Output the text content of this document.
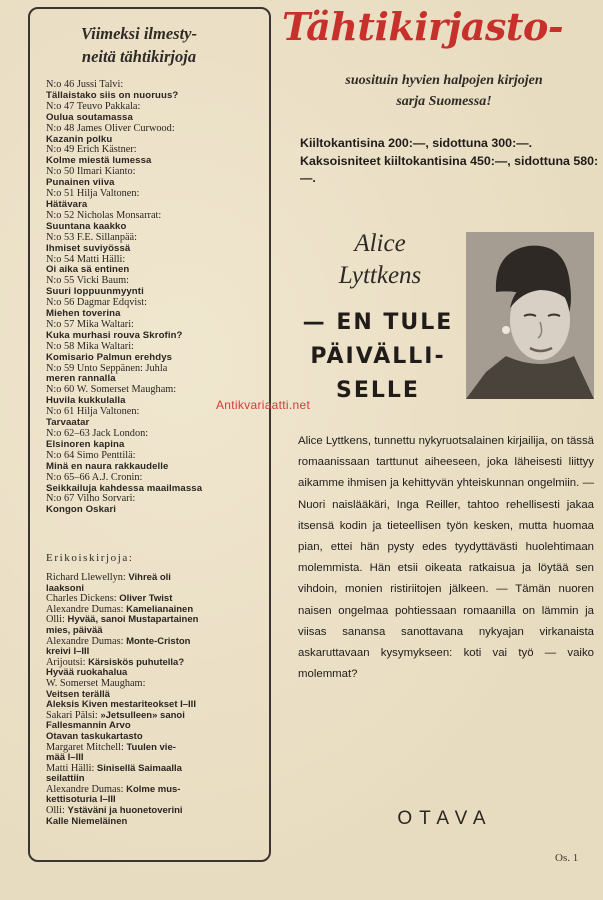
Viimeksi ilmesty-
neitä tähtikirjoja
N:o 46 Jussi Talvi:
Tällaistako siis on nuoruus?
N:o 47 Teuvo Pakkala:
Oulua soutamassa
N:o 48 James Oliver Curwood:
Kazanin polku
N:o 49 Erich Kästner:
Kolme miestä lumessa
N:o 50 Ilmari Kianto:
Punainen viiva
N:o 51 Hilja Valtonen:
Hätävara
N:o 52 Nicholas Monsarrat:
Suuntana kaakko
N:o 53 F.E. Sillanpää:
Ihmiset suviyössä
N:o 54 Matti Hälli:
Oi aika sä entinen
N:o 55 Vicki Baum:
Suuri loppuunmyynti
N:o 56 Dagmar Edqvist:
Miehen toverina
N:o 57 Mika Waltari:
Kuka murhasi rouva Skrofin?
N:o 58 Mika Waltari:
Komisario Palmun erehdys
N:o 59 Unto Seppänen: Juhla
meren rannalla
N:o 60 W. Somerset Maugham:
Huvila kukkulalla
N:o 61 Hilja Valtonen:
Tarvaatar
N:o 62–63 Jack London:
Elsinoren kapina
N:o 64 Simo Penttilä:
Minä en naura rakkaudelle
N:o 65–66 A.J. Cronin:
Seikkailuja kahdessa maailmassa
N:o 67 Vilho Sorvari:
Kongon Oskari
Erikoiskirjoja:
Richard Llewellyn: Vihreä oli
laaksoni
Charles Dickens: Oliver Twist
Alexandre Dumas: Kamelianainen
Olli: Hyvää, sanoi Mustapartainen
mies, päivää
Alexandre Dumas: Monte-Criston
kreivi I–III
Arijoutsi: Kärsiskös puhutella?
Hyvää ruokahalua
W. Somerset Maugham:
Veitsen terällä
Aleksis Kiven mestariteokset I–III
Sakari Pälsi: »Jetsulleen» sanoi
Fallesmannin Arvo
Otavan taskukartasto
Margaret Mitchell: Tuulen vie-
mää I–III
Matti Hälli: Sinisellä Saimaalla
seilattiin
Alexandre Dumas: Kolme mus-
kettisoturia I–III
Olli: Ystäväni ja huonetoverini
Kalle Niemeläinen
Tähtikirjasto-
suosituin hyvien halpojen kirjojen
sarja Suomessa!
Kiiltokantisina 200:—, sidottuna 300:—. Kaksoisniteet kiiltokantisina 450:—, sidottuna 580:—.
Alice
Lyttkens
— EN TULE
PÄIVÄLLI-
SELLE
Antikvariaatti.net
Alice Lyttkens, tunnettu nykyruotsalainen kirjailija, on tässä romaanissaan tarttunut aiheeseen, joka läheisesti liittyy aikamme ihmisen ja kehittyvän yhteiskunnan ongelmiin. — Nuori naislääkäri, Inga Reiller, tahtoo rehellisesti jakaa itsensä kodin ja tieteellisen työn kesken, mutta huomaa pian, ettei hän pysty edes tyydyttävästi huolehtimaan molemmista. Hän etsii oikeata ratkaisua ja löytää sen vihdoin, monien ristiriitojen jälkeen. — Tämän nuoren naisen ongelmaa pohtiessaan romaanilla on lämmin ja viisas sanansa sanottavana nykyajan virkanaista askaruttavaan kysymykseen: koti vai työ — vaiko molemmat?
OTAVA
Os. 1
